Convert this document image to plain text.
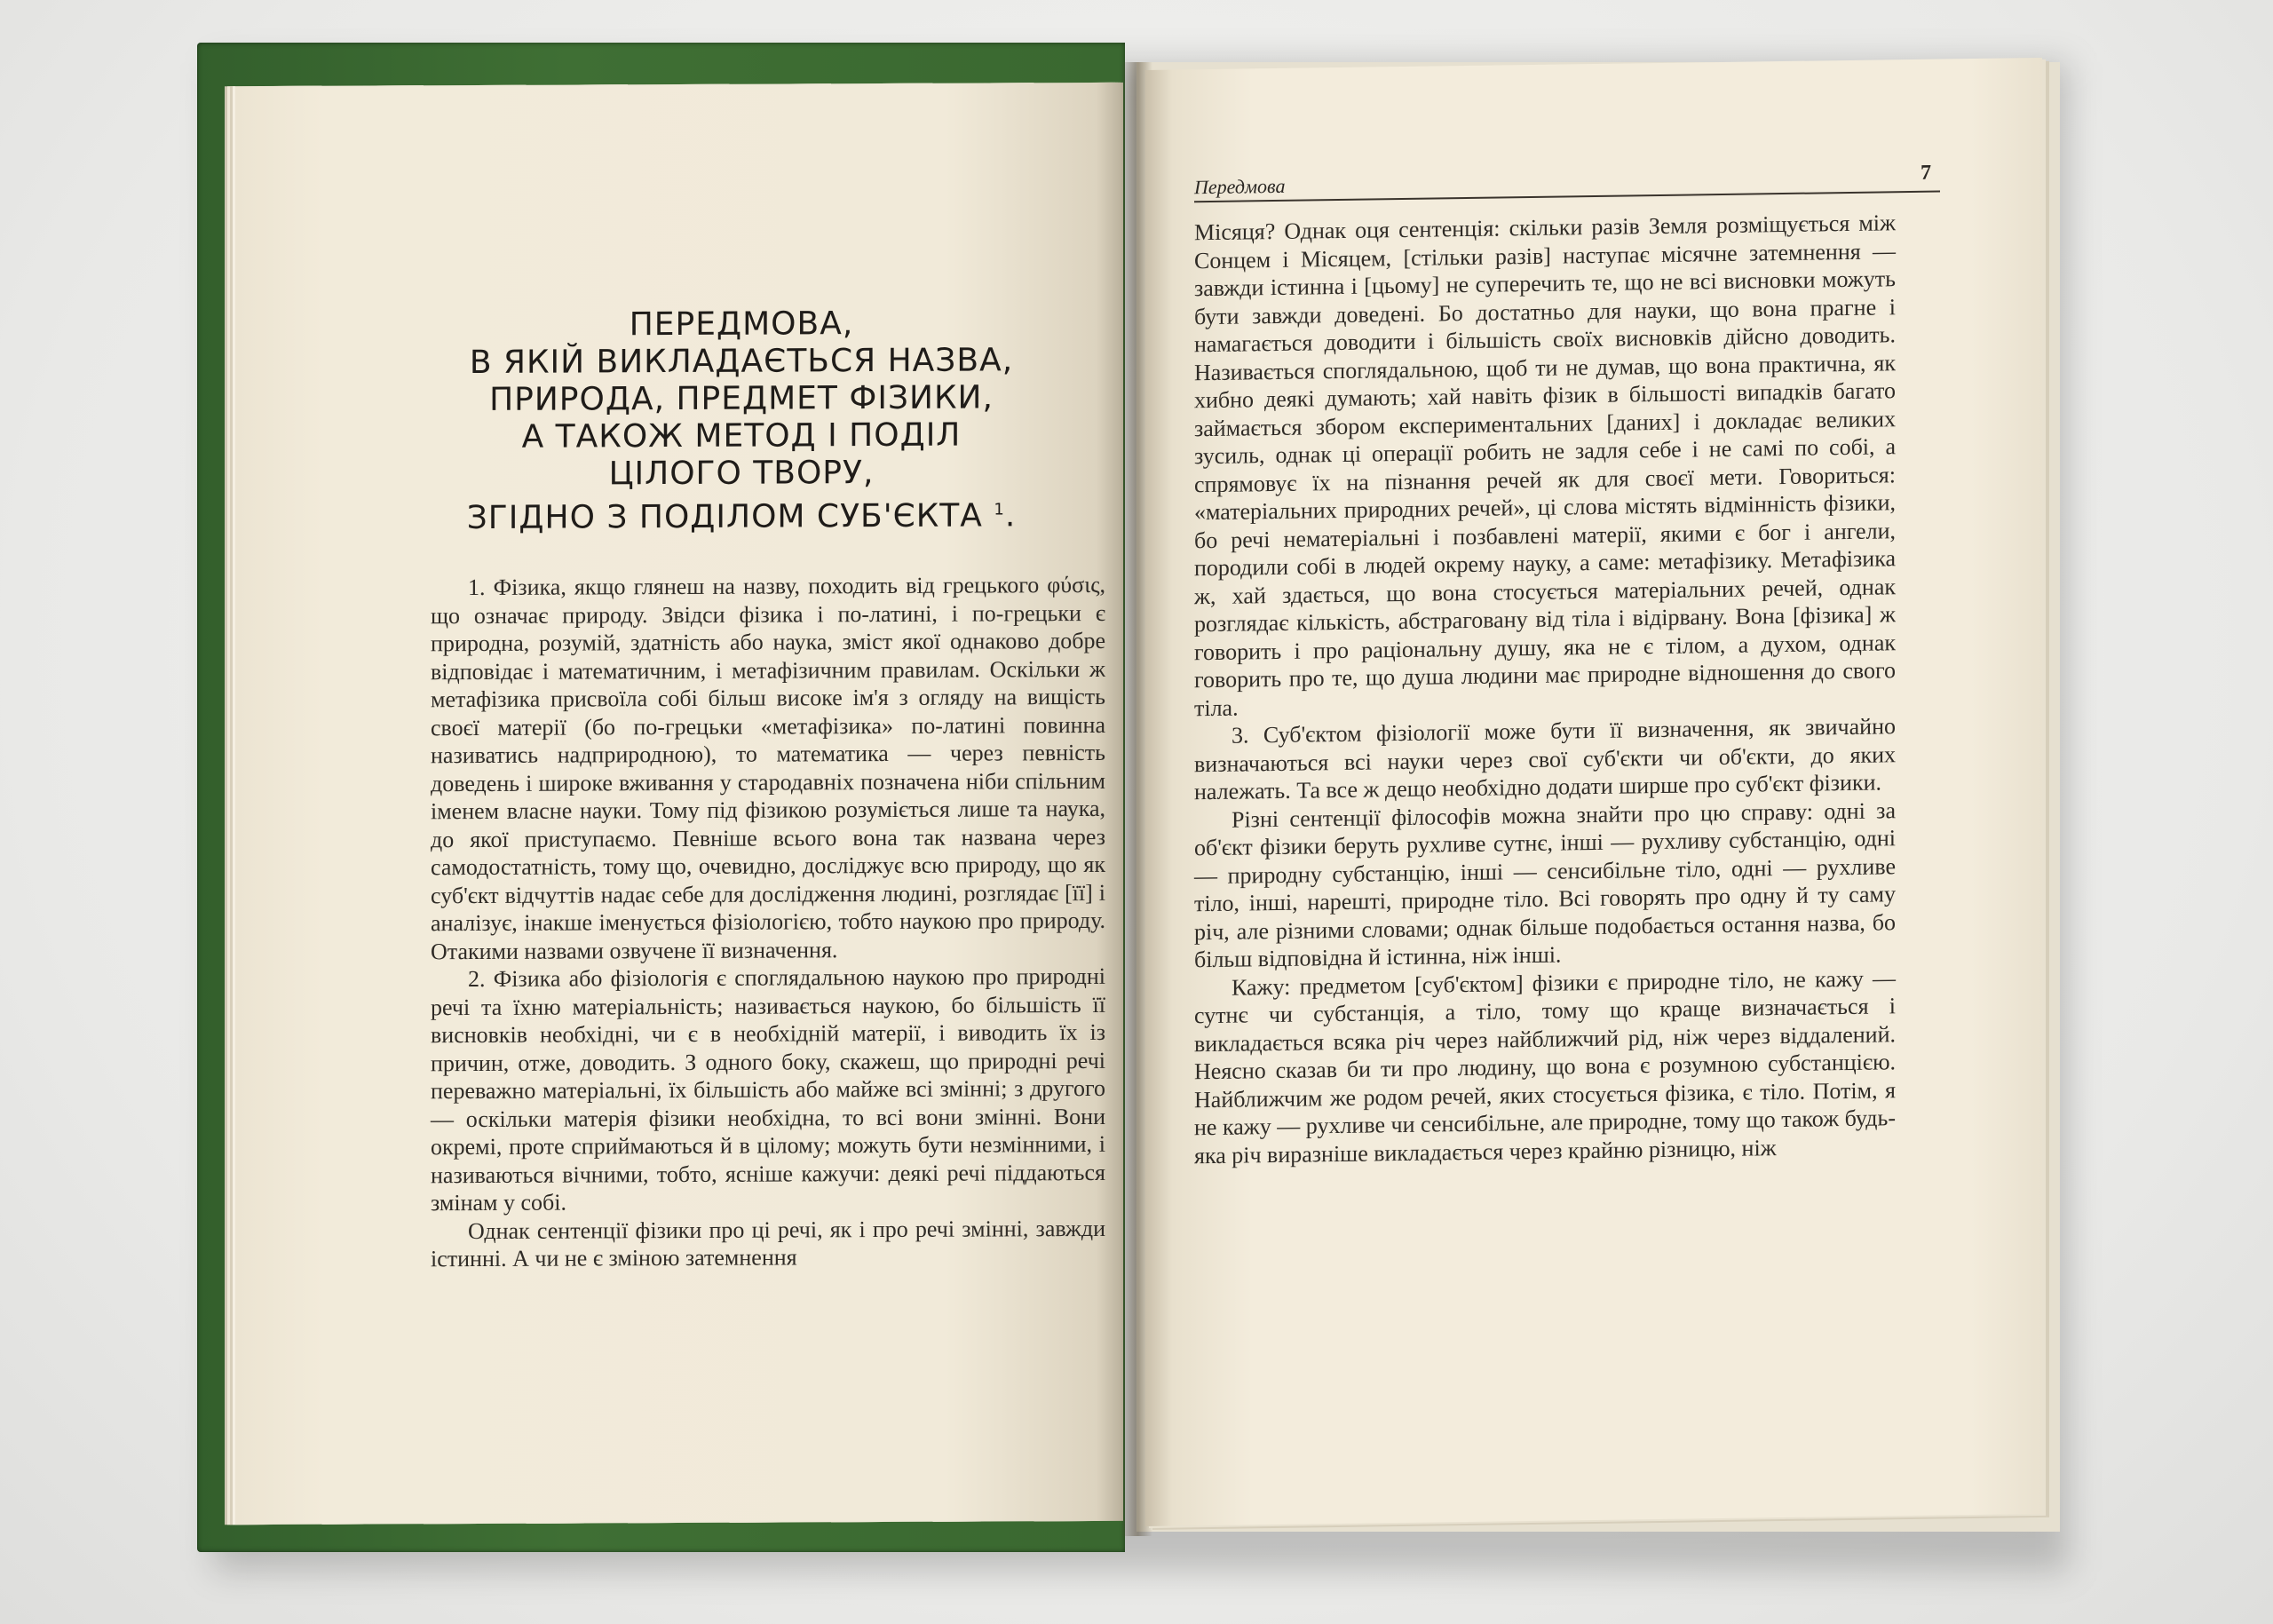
ПЕРЕДМОВА,
В ЯКІЙ ВИКЛАДАЄТЬСЯ НАЗВА,
ПРИРОДА, ПРЕДМЕТ ФІЗИКИ,
А ТАКОЖ МЕТОД І ПОДІЛ
ЦІЛОГО ТВОРУ,
ЗГІДНО З ПОДІЛОМ СУБ'ЄКТА $^1$.

1. Фізика, якщо глянеш на назву, походить від грецького φύσις, що означає природу. Звідси фізика і по-латині, і по-грецьки є природна, розумій, здатність або наука, зміст якої однаково добре відповідає і математичним, і метафізичним правилам. Оскільки ж метафізика присвоїла собі більш високе ім'я з огляду на вищість своєї матерії (бо по-грецьки «метафізика» по-латині повинна називатись надприродною), то математика — через певність доведень і широке вживання у стародавніх позначена ніби спільним іменем власне науки. Тому під фізикою розуміється лише та наука, до якої приступаємо. Певніше всього вона так названа через самодостатність, тому що, очевидно, досліджує всю природу, що як суб'єкт відчуттів надає себе для дослідження людині, розглядає [її] і аналізує, інакше іменується фізіологією, тобто наукою про природу. Отакими назвами озвучене її визначення.

2. Фізика або фізіологія є споглядальною наукою про природні речі та їхню матеріальність; називається наукою, бо більшість її висновків необхідні, чи є в необхідній матерії, і виводить їх із причин, отже, доводить. З одного боку, скажеш, що природні речі переважно матеріальні, їх більшість або майже всі змінні; з другого — оскільки матерія фізики необхідна, то всі вони змінні. Вони окремі, проте сприймаються й в цілому; можуть бути незмінними, і називаються вічними, тобто, ясніше кажучи: деякі речі піддаються змінам у собі.

Однак сентенції фізики про ці речі, як і про речі змінні, завжди істинні. А чи не є зміною затемнення

Передмова
7

Місяця? Однак оця сентенція: скільки разів Земля розміщується між Сонцем і Місяцем, [стільки разів] наступає місячне затемнення — завжди істинна і [цьому] не суперечить те, що не всі висновки можуть бути завжди доведені. Бо достатньо для науки, що вона прагне і намагається доводити і більшість своїх висновків дійсно доводить. Називається споглядальною, щоб ти не думав, що вона практична, як хибно деякі думають; хай навіть фізик в більшості випадків багато займається збором експериментальних [даних] і докладає великих зусиль, однак ці операції робить не задля себе і не самі по собі, а спрямовує їх на пізнання речей як для своєї мети. Говориться: «матеріальних природних речей», ці слова містять відмінність фізики, бо речі нематеріальні і позбавлені матерії, якими є бог і ангели, породили собі в людей окрему науку, а саме: метафізику. Метафізика ж, хай здається, що вона стосується матеріальних речей, однак розглядає кількість, абстраговану від тіла і відірвану. Вона [фізика] ж говорить і про раціональну душу, яка не є тілом, а духом, однак говорить про те, що душа людини має природне відношення до свого тіла.

3. Суб'єктом фізіології може бути її визначення, як звичайно визначаються всі науки через свої суб'єкти чи об'єкти, до яких належать. Та все ж дещо необхідно додати ширше про суб'єкт фізики.

Різні сентенції філософів можна знайти про цю справу: одні за об'єкт фізики беруть рухливе сутнє, інші — рухливу субстанцію, одні — природну субстанцію, інші — сенсибільне тіло, одні — рухливе тіло, інші, нарешті, природне тіло. Всі говорять про одну й ту саму річ, але різними словами; однак більше подобається остання назва, бо більш відповідна й істинна, ніж інші.

Кажу: предметом [суб'єктом] фізики є природне тіло, не кажу — сутнє чи субстанція, а тіло, тому що краще визначається і викладається всяка річ через найближчий рід, ніж через віддалений. Неясно сказав би ти про людину, що вона є розумною субстанцією. Найближчим же родом речей, яких стосується фізика, є тіло. Потім, я не кажу — рухливе чи сенсибільне, але природне, тому що також будь-яка річ виразніше викладається через крайню різницю, ніж
